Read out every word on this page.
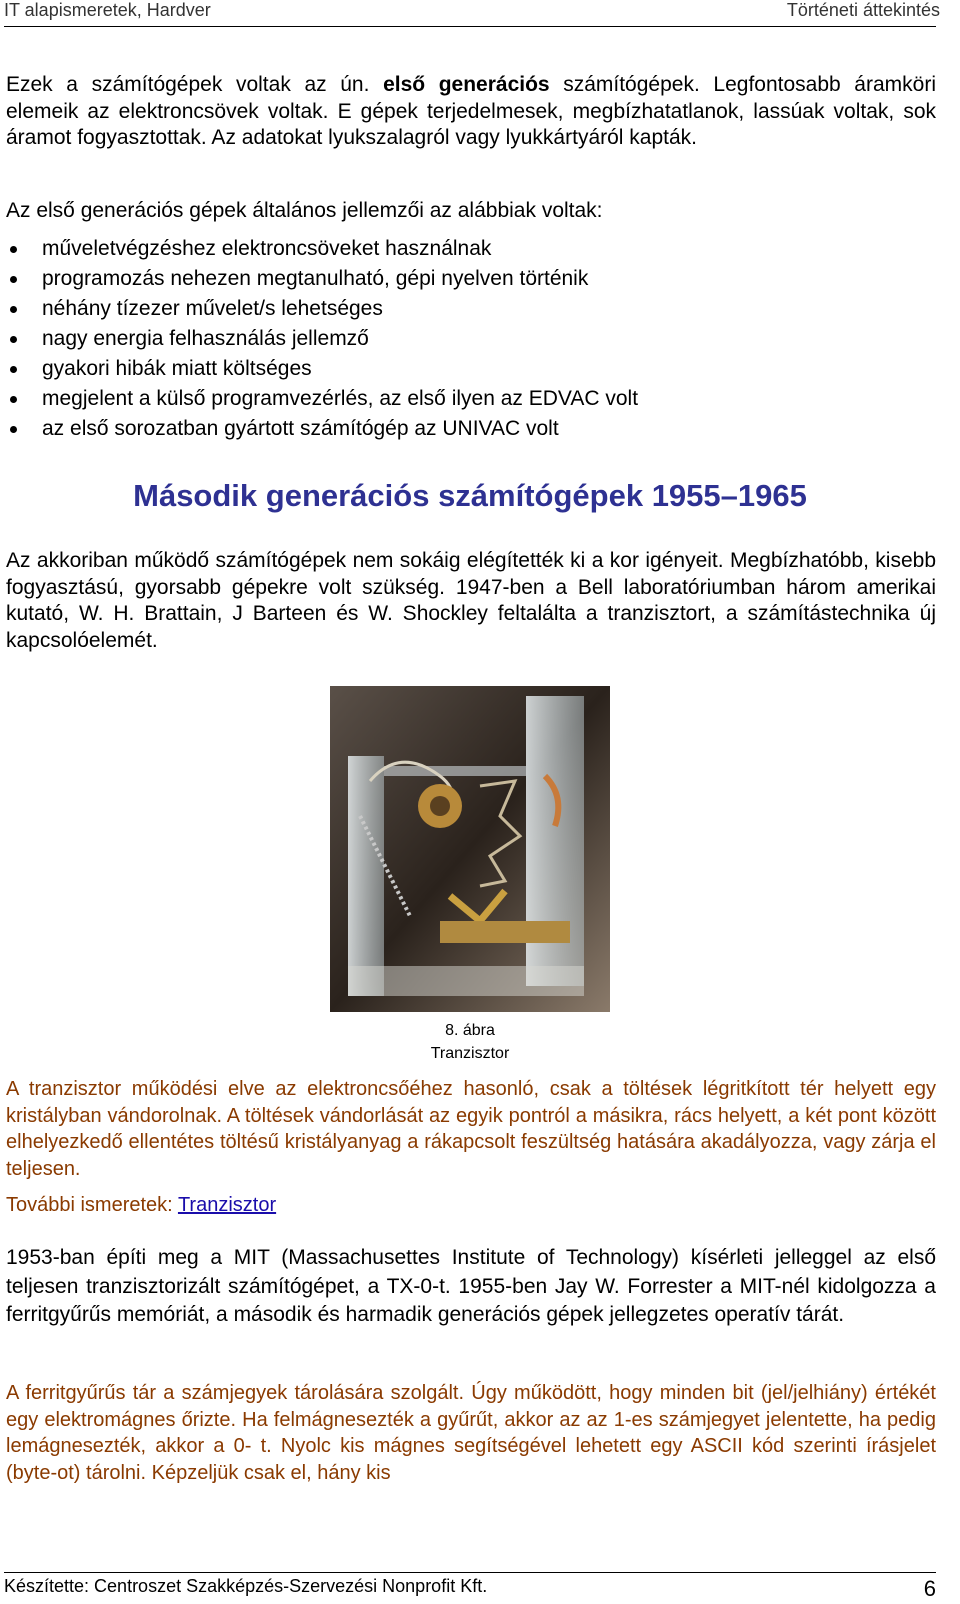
IT alapismeretek, Hardver	Történeti áttekintés
Ezek a számítógépek voltak az ún. első generációs számítógépek. Legfontosabb áramköri elemeik az elektroncsövek voltak. E gépek terjedelmesek, megbízhatatlanok, lassúak voltak, sok áramot fogyasztottak. Az adatokat lyukszalagról vagy lyukkártyáról kapták.
Az első generációs gépek általános jellemzői az alábbiak voltak:
műveletvégzéshez elektroncsöveket használnak
programozás nehezen megtanulható, gépi nyelven történik
néhány tízezer művelet/s lehetséges
nagy energia felhasználás jellemző
gyakori hibák miatt költséges
megjelent a külső programvezérlés, az első ilyen az EDVAC volt
az első sorozatban gyártott számítógép az UNIVAC volt
Második generációs számítógépek 1955–1965
Az akkoriban működő számítógépek nem sokáig elégítették ki a kor igényeit. Megbízhatóbb, kisebb fogyasztású, gyorsabb gépekre volt szükség. 1947-ben a Bell laboratóriumban három amerikai kutató, W. H. Brattain, J Barteen és W. Shockley feltalálta a tranzisztort, a számítástechnika új kapcsolóelemét.
8. ábra
Tranzisztor
A tranzisztor működési elve az elektroncsőéhez hasonló, csak a töltések légritkított tér helyett egy kristályban vándorolnak. A töltések vándorlását az egyik pontról a másikra, rács helyett, a két pont között elhelyezkedő ellentétes töltésű kristályanyag a rákapcsolt feszültség hatására akadályozza, vagy zárja el teljesen.
További ismeretek: Tranzisztor
1953-ban építi meg a MIT (Massachusettes Institute of Technology) kísérleti jelleggel az első teljesen tranzisztorizált számítógépet, a TX-0-t. 1955-ben Jay W. Forrester a MIT-nél kidolgozza a ferritgyűrűs memóriát, a második és harmadik generációs gépek jellegzetes operatív tárát.
A ferritgyűrűs tár a számjegyek tárolására szolgált. Úgy működött, hogy minden bit (jel/jelhiány) értékét egy elektromágnes őrizte. Ha felmágnesezték a gyűrűt, akkor az az 1-es számjegyet jelentette, ha pedig lemágnesezték, akkor a 0- t. Nyolc kis mágnes segítségével lehetett egy ASCII kód szerinti írásjelet (byte-ot) tárolni. Képzeljük csak el, hány kis
Készítette: Centroszet Szakképzés-Szervezési Nonprofit Kft.	6
